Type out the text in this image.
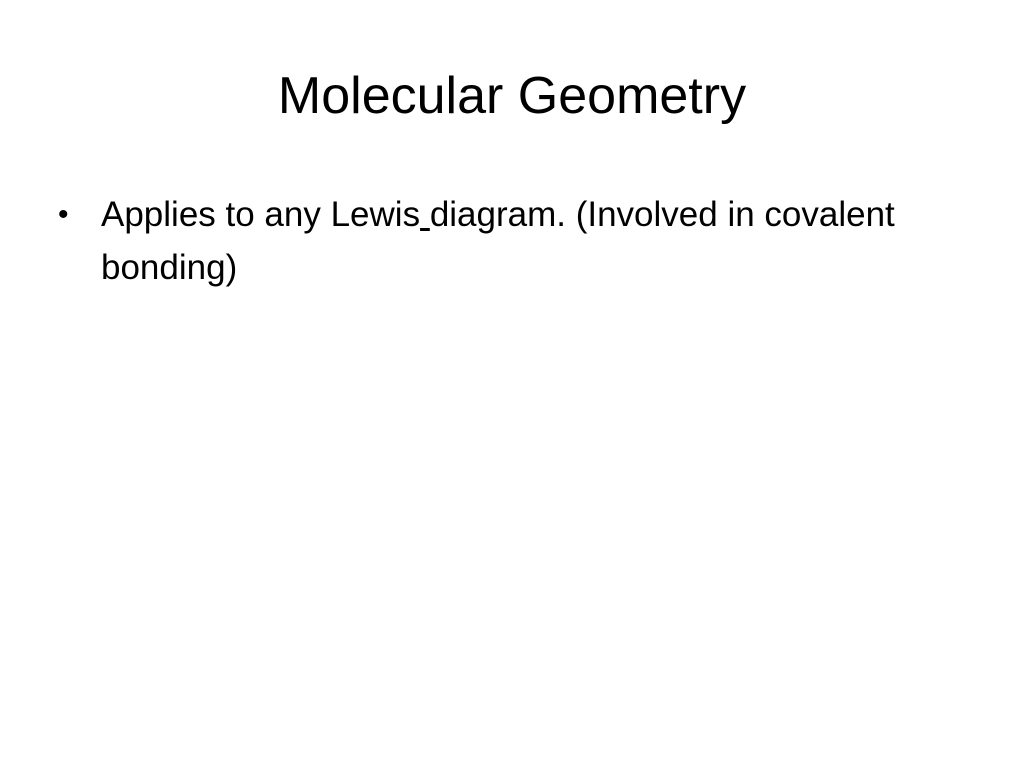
Molecular Geometry
• Applies to any Lewis diagram. (Involved in covalent bonding)
